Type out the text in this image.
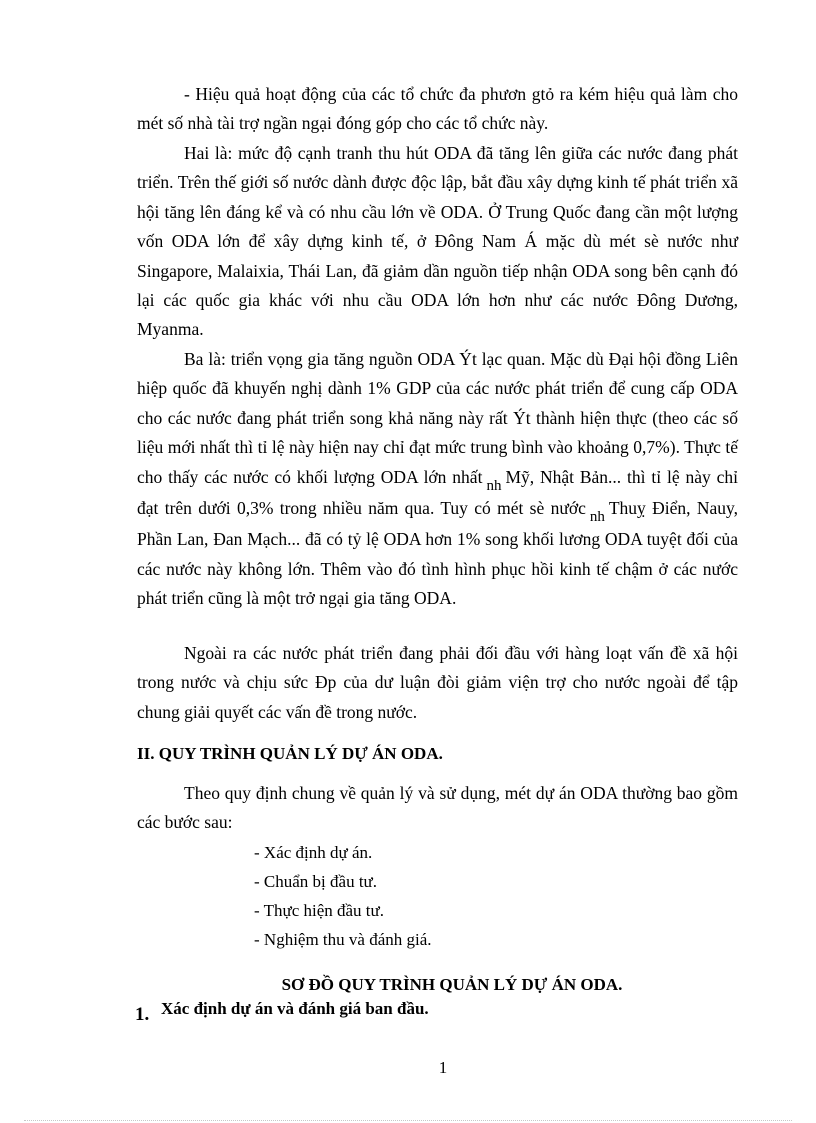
- Hiệu quả hoạt động của các tổ chức đa phươn gtỏ ra kém hiệu quả làm cho mét số nhà tài trợ ngần ngại đóng góp cho các tổ chức này.

Hai là: mức độ cạnh tranh thu hút ODA đã tăng lên giữa các nước đang phát triển. Trên thế giới số nước dành được độc lập, bắt đầu xây dựng kinh tế phát triển xã hội tăng lên đáng kể và có nhu cầu lớn về ODA. Ở Trung Quốc đang cần một lượng vốn ODA lớn để xây dựng kinh tế, ở Đông Nam Á mặc dù mét sè nước như Singapore, Malaixia, Thái Lan, đã giảm dần nguồn tiếp nhận ODA song bên cạnh đó lại các quốc gia khác với nhu cầu ODA lớn hơn như các nước Đông Dương, Myanma.

Ba là: triển vọng gia tăng nguồn ODA Ýt lạc quan. Mặc dù Đại hội đồng Liên hiệp quốc đã khuyến nghị dành 1% GDP của các nước phát triển để cung cấp ODA cho các nước đang phát triển song khả năng này rất Ýt thành hiện thực (theo các số liệu mới nhất thì tỉ lệ này hiện nay chỉ đạt mức trung bình vào khoảng 0,7%). Thực tế cho thấy các nước có khối lượng ODA lớn nhất nh Mỹ, Nhật Bản... thì tỉ lệ này chỉ đạt trên dưới 0,3% trong nhiều năm qua. Tuy có mét sè nước nh Thuỵ Điển, Nauy, Phần Lan, Đan Mạch... đã có tỷ lệ ODA hơn 1% song khối lương ODA tuyệt đối của các nước này không lớn. Thêm vào đó tình hình phục hồi kinh tế chậm ở các nước phát triển cũng là một trở ngại gia tăng ODA.

Ngoài ra các nước phát triển đang phải đối đầu với hàng loạt vấn đề xã hội trong nước và chịu sức Ðp của dư luận đòi giảm viện trợ cho nước ngoài để tập chung giải quyết các vấn đề trong nước.

II. QUY TRÌNH QUẢN LÝ DỰ ÁN ODA.

Theo quy định chung về quản lý và sử dụng, mét dự án ODA thường bao gồm các bước sau:

- Xác định dự án.
- Chuẩn bị đầu tư.
- Thực hiện đầu tư.
- Nghiệm thu và đánh giá.
SƠ ĐỒ QUY TRÌNH QUẢN LÝ DỰ ÁN ODA.
1. Xác định dự án và đánh giá ban đầu.
1
